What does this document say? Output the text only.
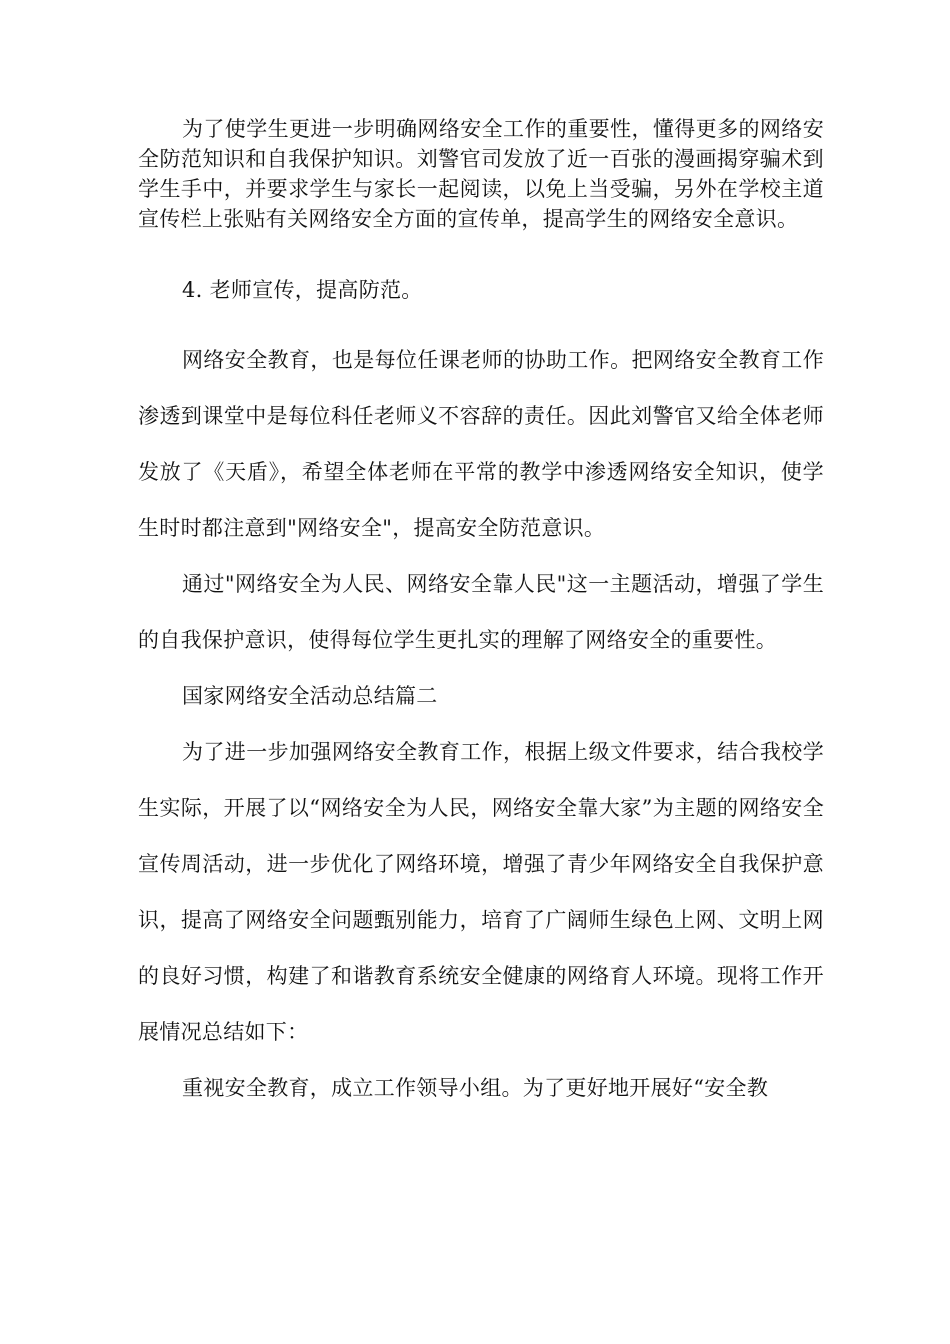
为了使学生更进一步明确网络安全工作的重要性，懂得更多的网络安全防范知识和自我保护知识。刘警官司发放了近一百张的漫画揭穿骗术到学生手中，并要求学生与家长一起阅读，以免上当受骗，另外在学校主道宣传栏上张贴有关网络安全方面的宣传单，提高学生的网络安全意识。

4. 老师宣传，提高防范。

网络安全教育，也是每位任课老师的协助工作。把网络安全教育工作渗透到课堂中是每位科任老师义不容辞的责任。因此刘警官又给全体老师发放了《天盾》，希望全体老师在平常的教学中渗透网络安全知识，使学生时时都注意到"网络安全"，提高安全防范意识。

通过"网络安全为人民、网络安全靠人民"这一主题活动，增强了学生的自我保护意识，使得每位学生更扎实的理解了网络安全的重要性。

国家网络安全活动总结篇二

为了进一步加强网络安全教育工作，根据上级文件要求，结合我校学生实际，开展了以“网络安全为人民，网络安全靠大家”为主题的网络安全宣传周活动，进一步优化了网络环境，增强了青少年网络安全自我保护意识，提高了网络安全问题甄别能力，培育了广阔师生绿色上网、文明上网的良好习惯，构建了和谐教育系统安全健康的网络育人环境。现将工作开展情况总结如下：

重视安全教育，成立工作领导小组。为了更好地开展好“安全教
